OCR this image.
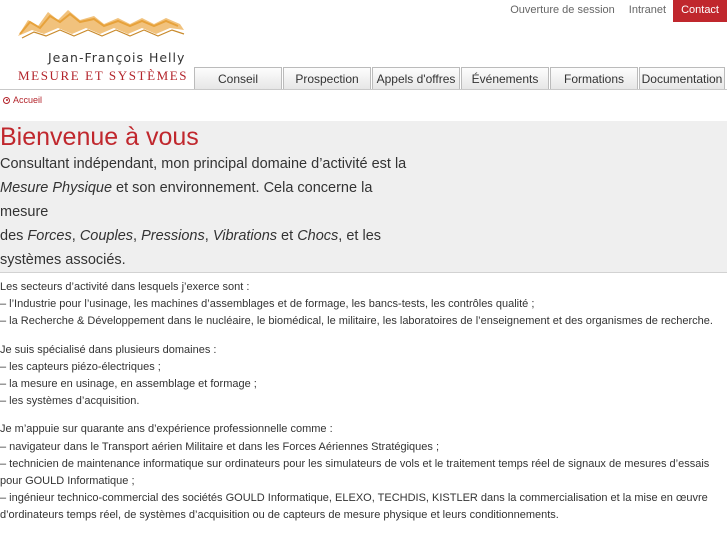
Jean-François Helly
MESURE ET SYSTÈMES
Ouverture de session	Intranet	Contact
Conseil	Prospection	Appels d'offres	Événements	Formations	Documentation
Accueil
Bienvenue à vous

Consultant indépendant, mon principal domaine d’activité est la
Mesure Physique et son environnement. Cela concerne la mesure
des Forces, Couples, Pressions, Vibrations et Chocs, et les
systèmes associés.

Les secteurs d’activité dans lesquels j’exerce sont :
– l’Industrie pour l’usinage, les machines d’assemblages et de formage, les bancs-tests, les contrôles qualité ;
– la Recherche & Développement dans le nucléaire, le biomédical, le militaire, les laboratoires de l’enseignement et des organismes de recherche.

Je suis spécialisé dans plusieurs domaines :
– les capteurs piézo-électriques ;
– la mesure en usinage, en assemblage et formage ;
– les systèmes d’acquisition.

Je m’appuie sur quarante ans d’expérience professionnelle comme :
– navigateur dans le Transport aérien Militaire et dans les Forces Aériennes Stratégiques ;
– technicien de maintenance informatique sur ordinateurs pour les simulateurs de vols et le traitement temps réel de signaux de mesures d’essais pour GOULD Informatique ;
– ingénieur technico-commercial des sociétés GOULD Informatique, ELEXO, TECHDIS, KISTLER dans la commercialisation et la mise en œuvre d’ordinateurs temps réel, de systèmes d’acquisition ou de capteurs de mesure physique et leurs conditionnements.
